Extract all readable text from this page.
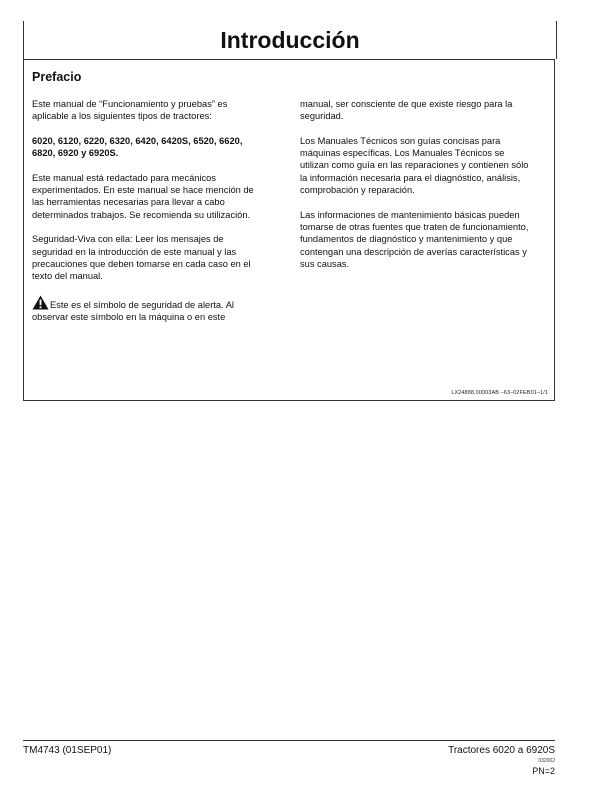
Introducción
Prefacio

Este manual de “Funcionamiento y pruebas” es aplicable a los siguientes tipos de tractores:

6020, 6120, 6220, 6320, 6420, 6420S, 6520, 6620, 6820, 6920 y 6920S.

Este manual está redactado para mecánicos experimentados. En este manual se hace mención de las herramientas necesarias para llevar a cabo determinados trabajos. Se recomienda su utilización.

Seguridad-Viva con ella: Leer los mensajes de seguridad en la introducción de este manual y las precauciones que deben tomarse en cada caso en el texto del manual.

Este es el símbolo de seguridad de alerta. Al observar este símbolo en la máquina o en este

manual, ser consciente de que existe riesgo para la seguridad.

Los Manuales Técnicos son guías concisas para máquinas específicas. Los Manuales Técnicos se utilizan como guía en las reparaciones y contienen sólo la información necesaria para el diagnóstico, análisis, comprobación y reparación.

Las informaciones de mantenimiento básicas pueden tomarse de otras fuentes que traten de funcionamiento, fundamentos de diagnóstico y mantenimiento y que contengan una descripción de averías características y sus causas.

LX24888,00003AB –63–02FEB01–1/1
TM4743 (01SEP01)	Tractores 6020 a 6920S
032002
PN=2
